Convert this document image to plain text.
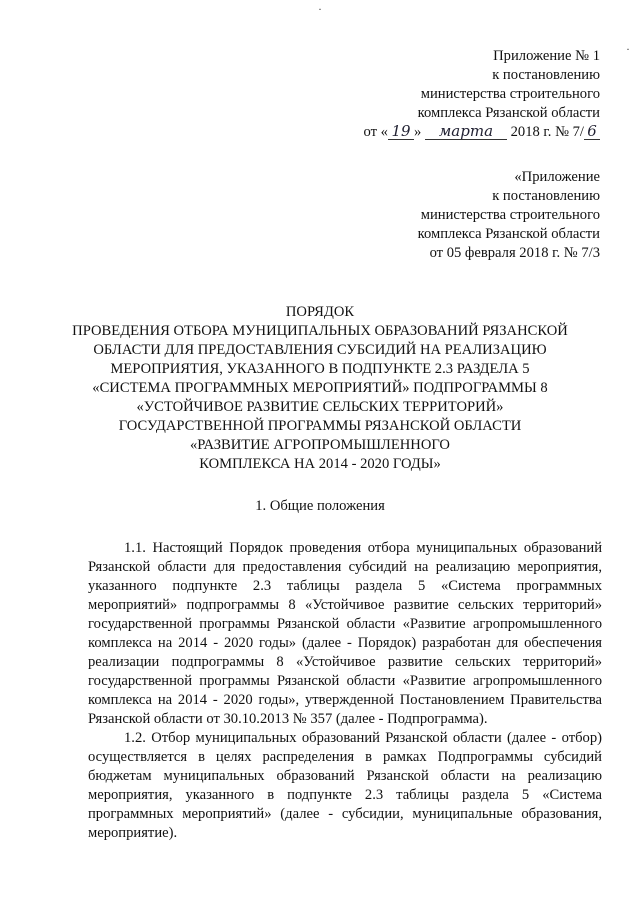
·
·
Приложение № 1
к постановлению
министерства строительного
комплекса Рязанской области
от « 19 » марта 2018 г. № 7/ 6
«Приложение
к постановлению
министерства строительного
комплекса Рязанской области
от 05 февраля 2018 г. № 7/3
ПОРЯДОК
ПРОВЕДЕНИЯ ОТБОРА МУНИЦИПАЛЬНЫХ ОБРАЗОВАНИЙ РЯЗАНСКОЙ
ОБЛАСТИ ДЛЯ ПРЕДОСТАВЛЕНИЯ СУБСИДИЙ НА РЕАЛИЗАЦИЮ
МЕРОПРИЯТИЯ, УКАЗАННОГО В ПОДПУНКТЕ 2.3 РАЗДЕЛА 5
«СИСТЕМА ПРОГРАММНЫХ МЕРОПРИЯТИЙ» ПОДПРОГРАММЫ 8
«УСТОЙЧИВОЕ РАЗВИТИЕ СЕЛЬСКИХ ТЕРРИТОРИЙ»
ГОСУДАРСТВЕННОЙ ПРОГРАММЫ РЯЗАНСКОЙ ОБЛАСТИ
«РАЗВИТИЕ АГРОПРОМЫШЛЕННОГО
КОМПЛЕКСА НА 2014 - 2020 ГОДЫ»
1. Общие положения

1.1. Настоящий Порядок проведения отбора муниципальных образований Рязанской области для предоставления субсидий на реализацию мероприятия, указанного подпункте 2.3 таблицы раздела 5 «Система программных мероприятий» подпрограммы 8 «Устойчивое развитие сельских территорий» государственной программы Рязанской области «Развитие агропромышленного комплекса на 2014 - 2020 годы» (далее - Порядок) разработан для обеспечения реализации подпрограммы 8 «Устойчивое развитие сельских территорий» государственной программы Рязанской области «Развитие агропромышленного комплекса на 2014 - 2020 годы», утвержденной Постановлением Правительства Рязанской области от 30.10.2013 № 357 (далее - Подпрограмма).

1.2. Отбор муниципальных образований Рязанской области (далее - отбор) осуществляется в целях распределения в рамках Подпрограммы субсидий бюджетам муниципальных образований Рязанской области на реализацию мероприятия, указанного в подпункте 2.3 таблицы раздела 5 «Система программных мероприятий» (далее - субсидии, муниципальные образования, мероприятие).
